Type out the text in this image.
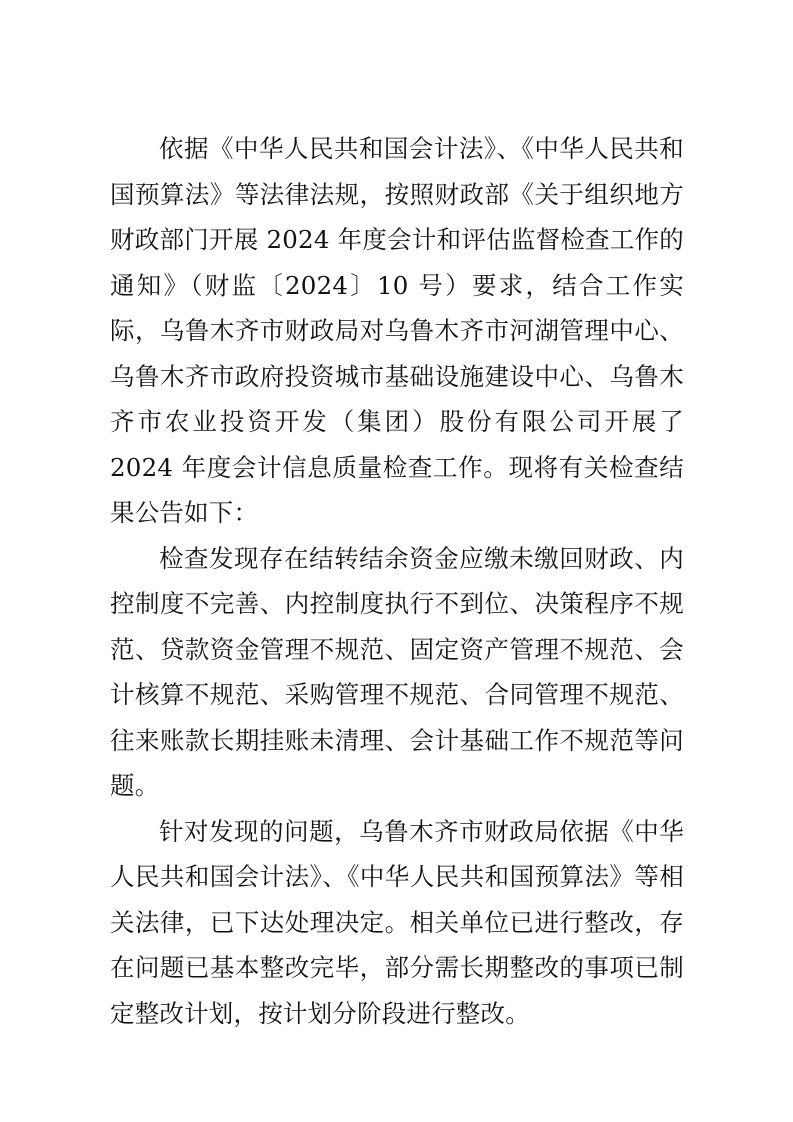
依据《中华人民共和国会计法》、《中华人民共和国预算法》等法律法规，按照财政部《关于组织地方财政部门开展 2024 年度会计和评估监督检查工作的通知》（财监〔2024〕10 号）要求，结合工作实际，乌鲁木齐市财政局对乌鲁木齐市河湖管理中心、乌鲁木齐市政府投资城市基础设施建设中心、乌鲁木齐市农业投资开发（集团）股份有限公司开展了 2024 年度会计信息质量检查工作。现将有关检查结果公告如下：

检查发现存在结转结余资金应缴未缴回财政、内控制度不完善、内控制度执行不到位、决策程序不规范、贷款资金管理不规范、固定资产管理不规范、会计核算不规范、采购管理不规范、合同管理不规范、往来账款长期挂账未清理、会计基础工作不规范等问题。

针对发现的问题，乌鲁木齐市财政局依据《中华人民共和国会计法》、《中华人民共和国预算法》等相关法律，已下达处理决定。相关单位已进行整改，存在问题已基本整改完毕，部分需长期整改的事项已制定整改计划，按计划分阶段进行整改。
